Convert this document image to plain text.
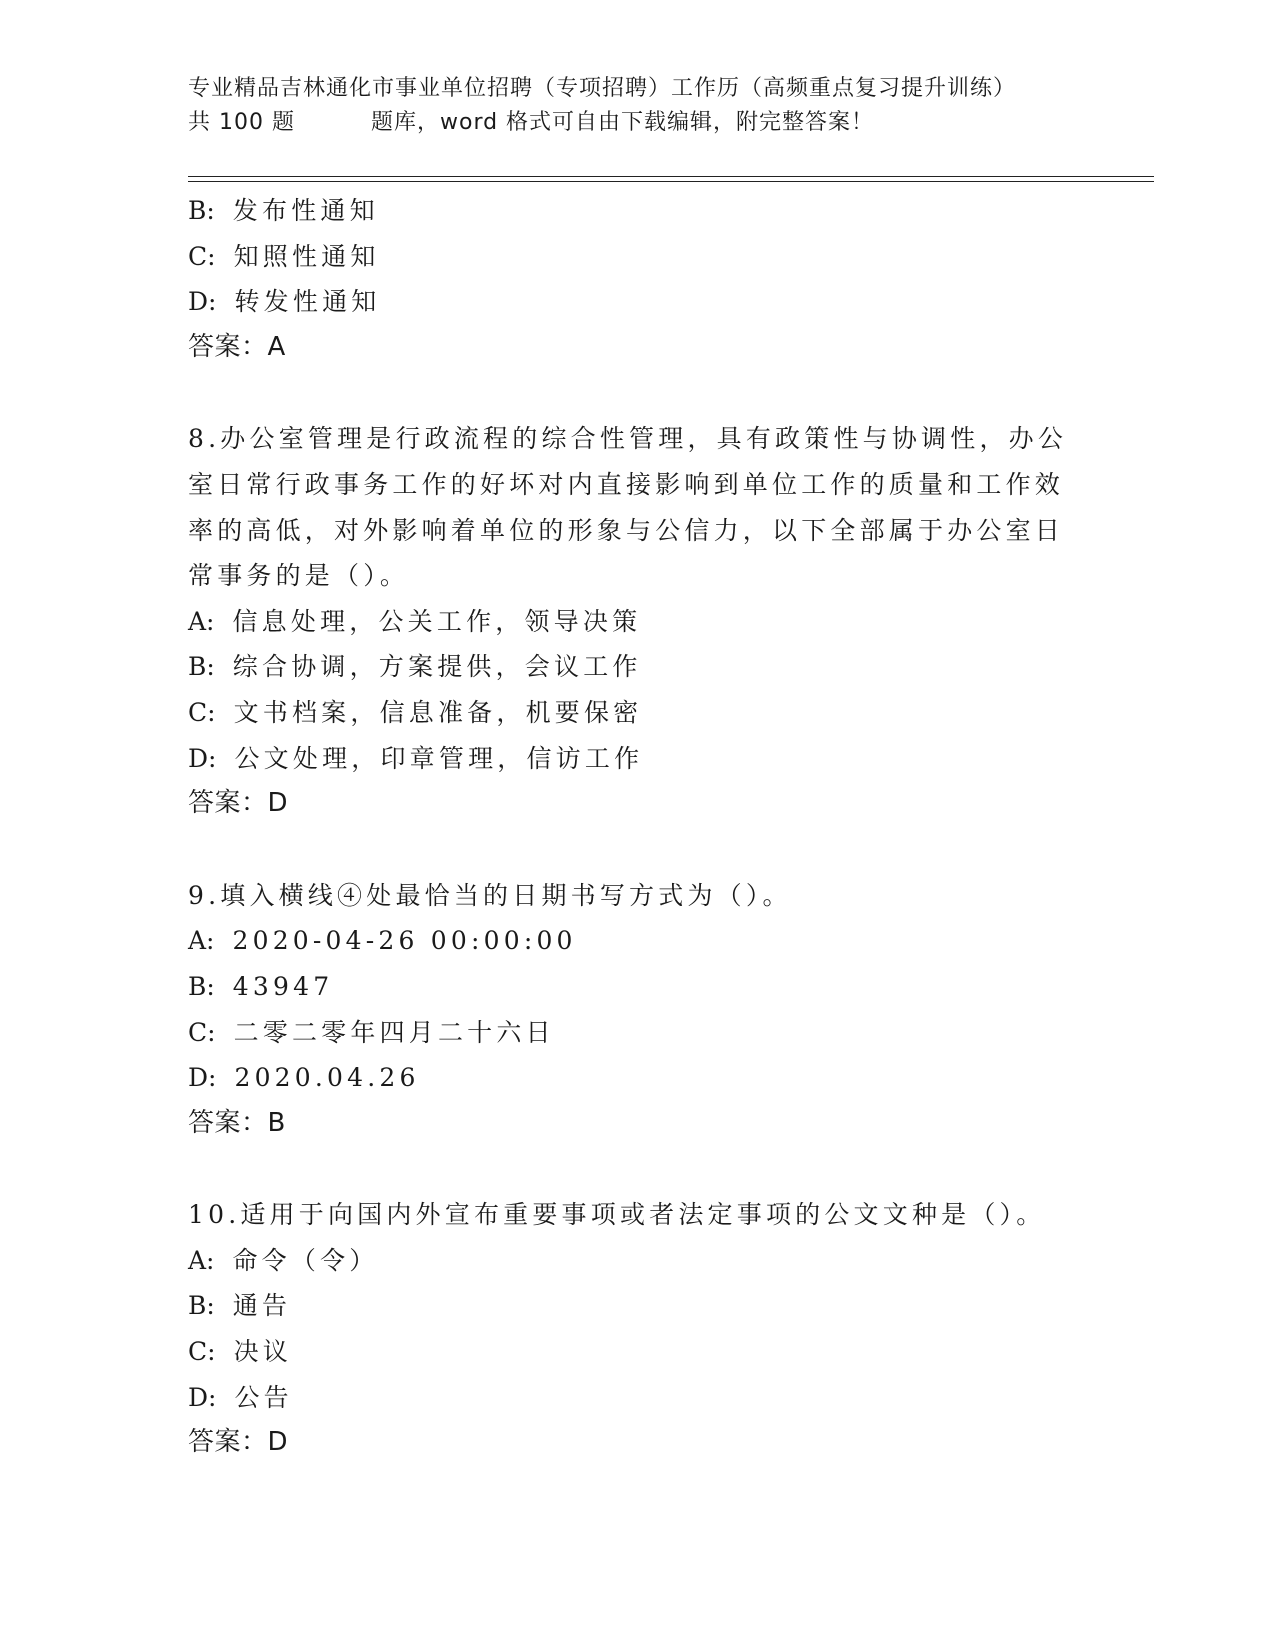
专业精品吉林通化市事业单位招聘（专项招聘）工作历（高频重点复习提升训练）
共 100 题	题库，word 格式可自由下载编辑，附完整答案！
B: 发布性通知
C: 知照性通知
D: 转发性通知
答案：A
8.办公室管理是行政流程的综合性管理，具有政策性与协调性，办公
室日常行政事务工作的好坏对内直接影响到单位工作的质量和工作效
率的高低，对外影响着单位的形象与公信力，以下全部属于办公室日
常事务的是（）。
A: 信息处理，公关工作，领导决策
B: 综合协调，方案提供，会议工作
C: 文书档案，信息准备，机要保密
D: 公文处理，印章管理，信访工作
答案：D
9.填入横线④处最恰当的日期书写方式为（）。
A: 2020-04-26 00:00:00
B: 43947
C: 二零二零年四月二十六日
D: 2020.04.26
答案：B
10.适用于向国内外宣布重要事项或者法定事项的公文文种是（）。
A: 命令（令）
B: 通告
C: 决议
D: 公告
答案：D
